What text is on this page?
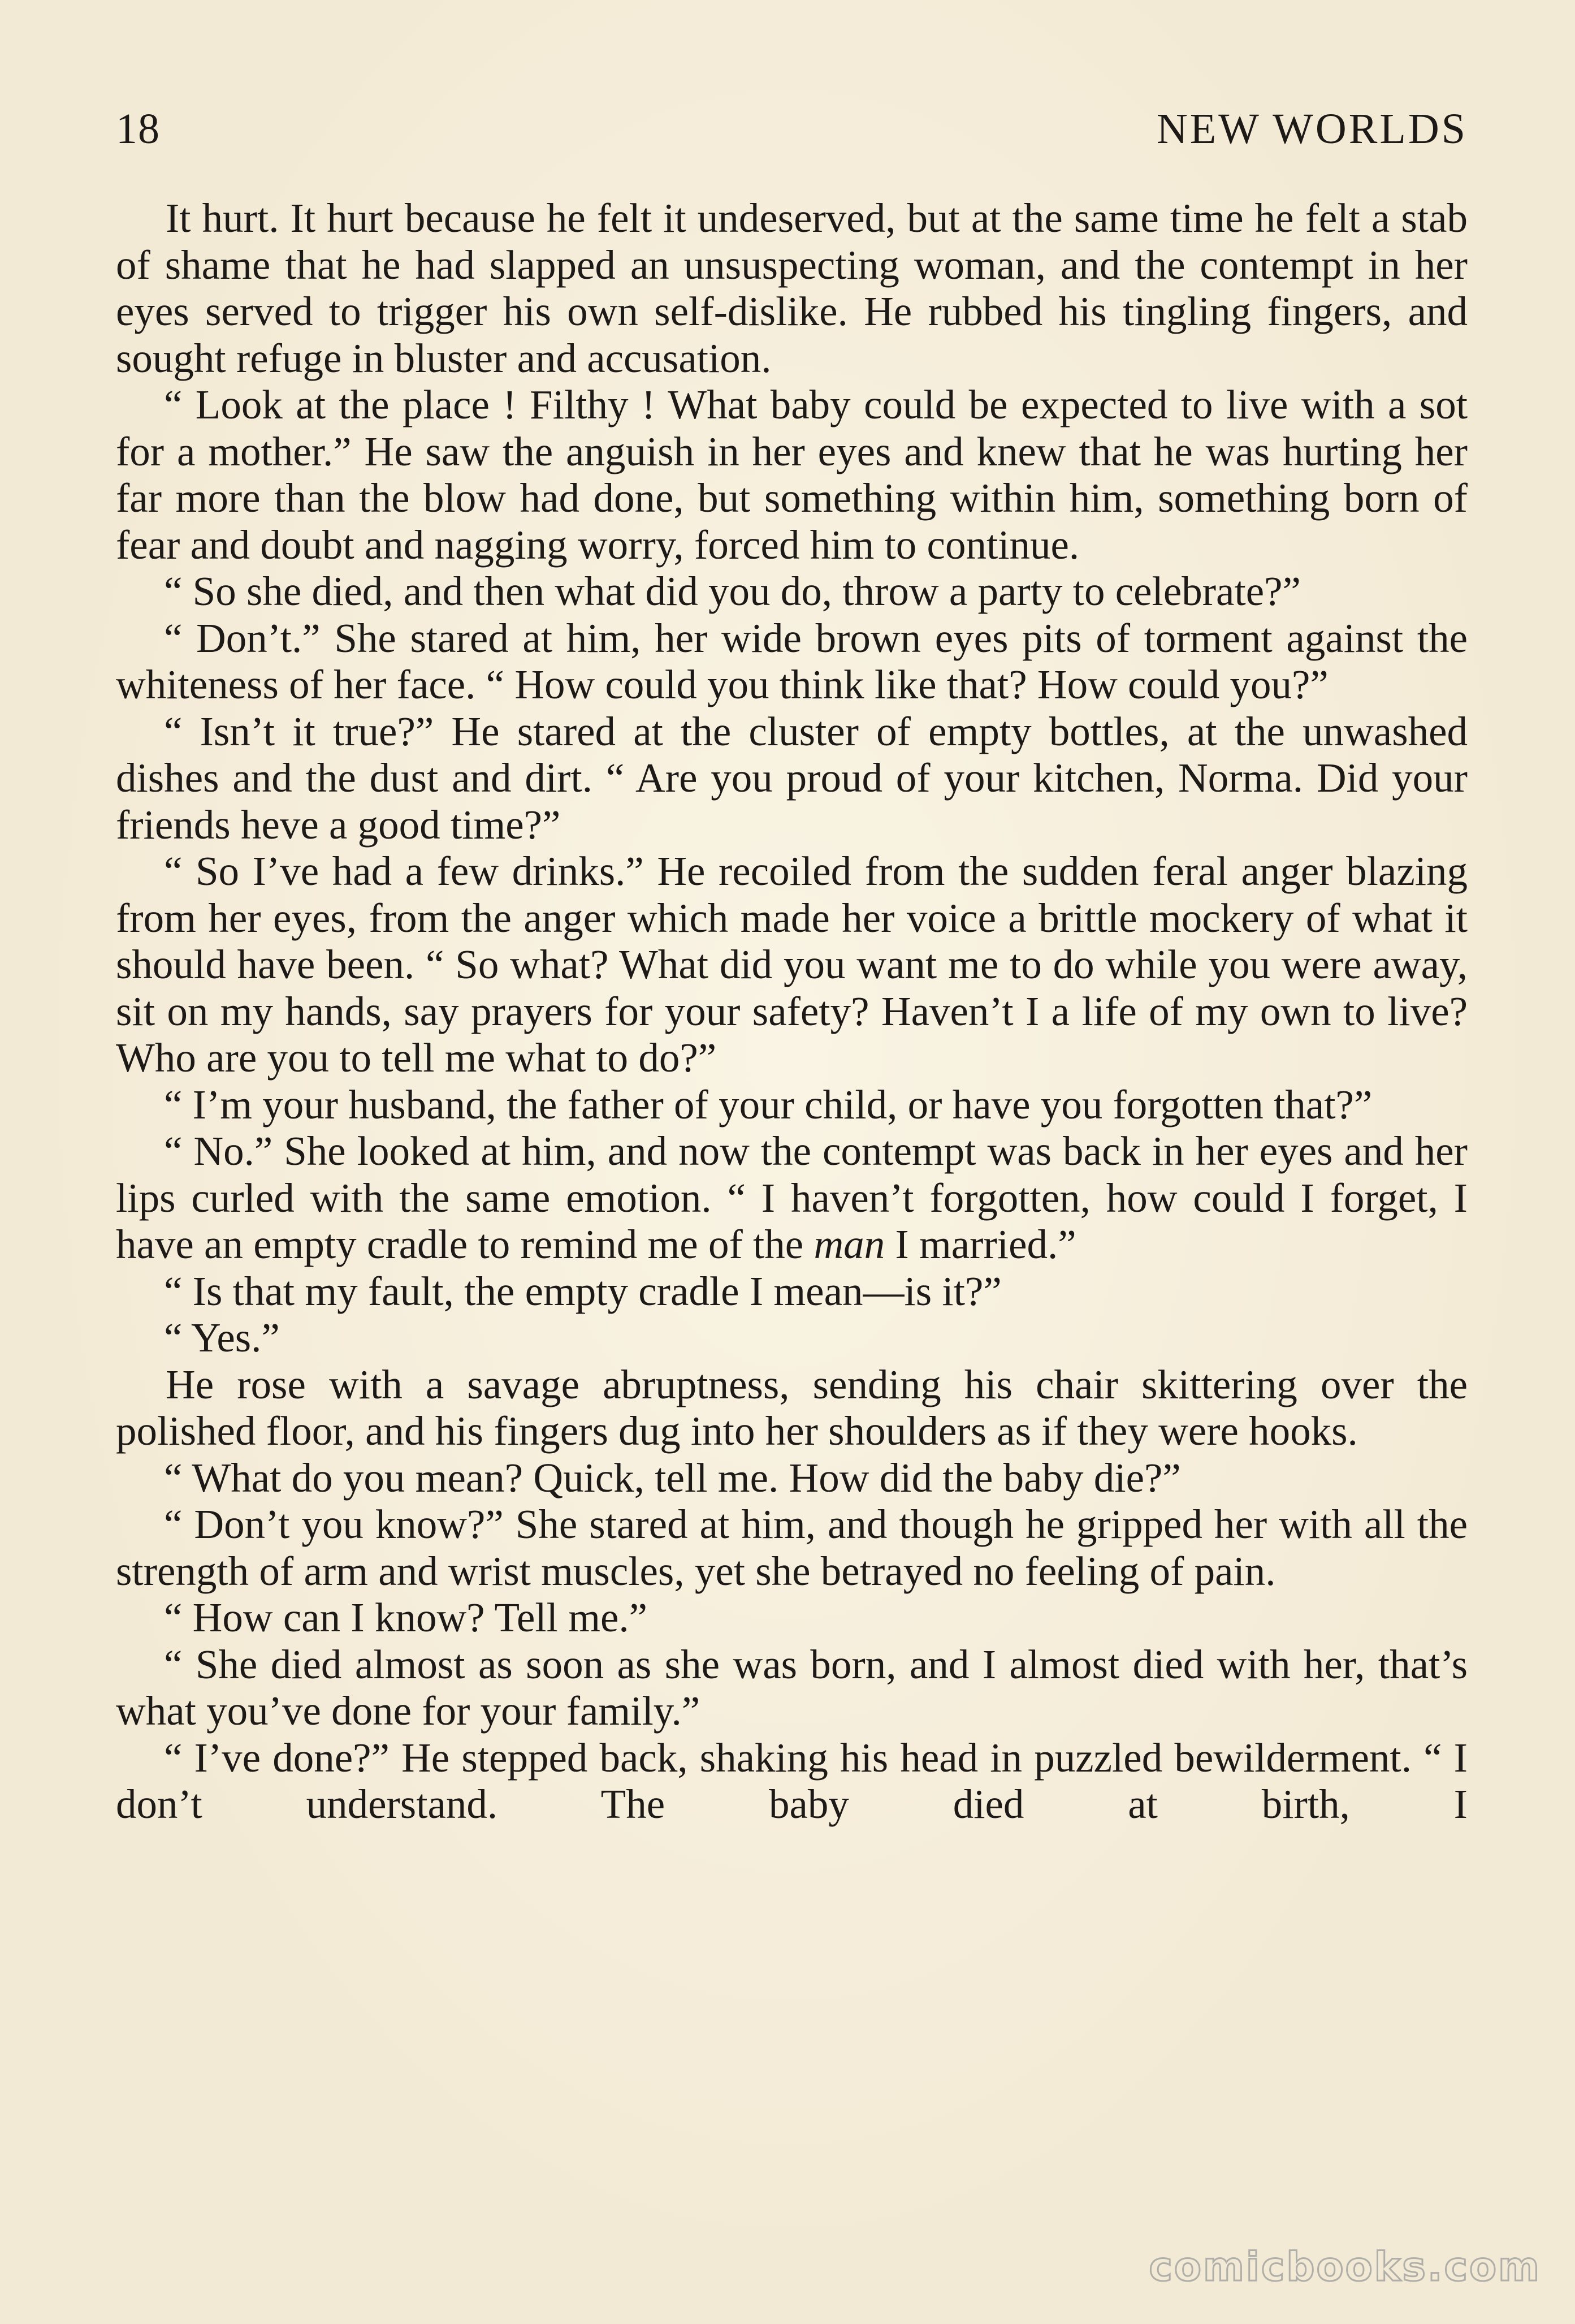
18	NEW WORLDS

It hurt. It hurt because he felt it undeserved, but at the same time he felt a stab of shame that he had slapped an unsuspecting woman, and the contempt in her eyes served to trigger his own self-dislike. He rubbed his tingling fingers, and sought refuge in bluster and accusation.

“ Look at the place ! Filthy ! What baby could be expected to live with a sot for a mother.” He saw the anguish in her eyes and knew that he was hurting her far more than the blow had done, but something within him, something born of fear and doubt and nagging worry, forced him to continue.

“ So she died, and then what did you do, throw a party to celebrate?”

“ Don’t.” She stared at him, her wide brown eyes pits of torment against the whiteness of her face. “ How could you think like that? How could you?”

“ Isn’t it true?” He stared at the cluster of empty bottles, at the unwashed dishes and the dust and dirt. “ Are you proud of your kitchen, Norma. Did your friends heve a good time?”

“ So I’ve had a few drinks.” He recoiled from the sudden feral anger blazing from her eyes, from the anger which made her voice a brittle mockery of what it should have been. “ So what? What did you want me to do while you were away, sit on my hands, say prayers for your safety? Haven’t I a life of my own to live? Who are you to tell me what to do?”

“ I’m your husband, the father of your child, or have you forgotten that?”

“ No.” She looked at him, and now the contempt was back in her eyes and her lips curled with the same emotion. “ I haven’t forgotten, how could I forget, I have an empty cradle to remind me of the man I married.”

“ Is that my fault, the empty cradle I mean—is it?”

“ Yes.”

He rose with a savage abruptness, sending his chair skittering over the polished floor, and his fingers dug into her shoulders as if they were hooks.

“ What do you mean? Quick, tell me. How did the baby die?”

“ Don’t you know?” She stared at him, and though he gripped her with all the strength of arm and wrist muscles, yet she betrayed no feeling of pain.

“ How can I know? Tell me.”

“ She died almost as soon as she was born, and I almost died with her, that’s what you’ve done for your family.”

“ I’ve done?” He stepped back, shaking his head in puzzled bewilderment. “ I don’t understand. The baby died at birth, I

comicbooks.com
